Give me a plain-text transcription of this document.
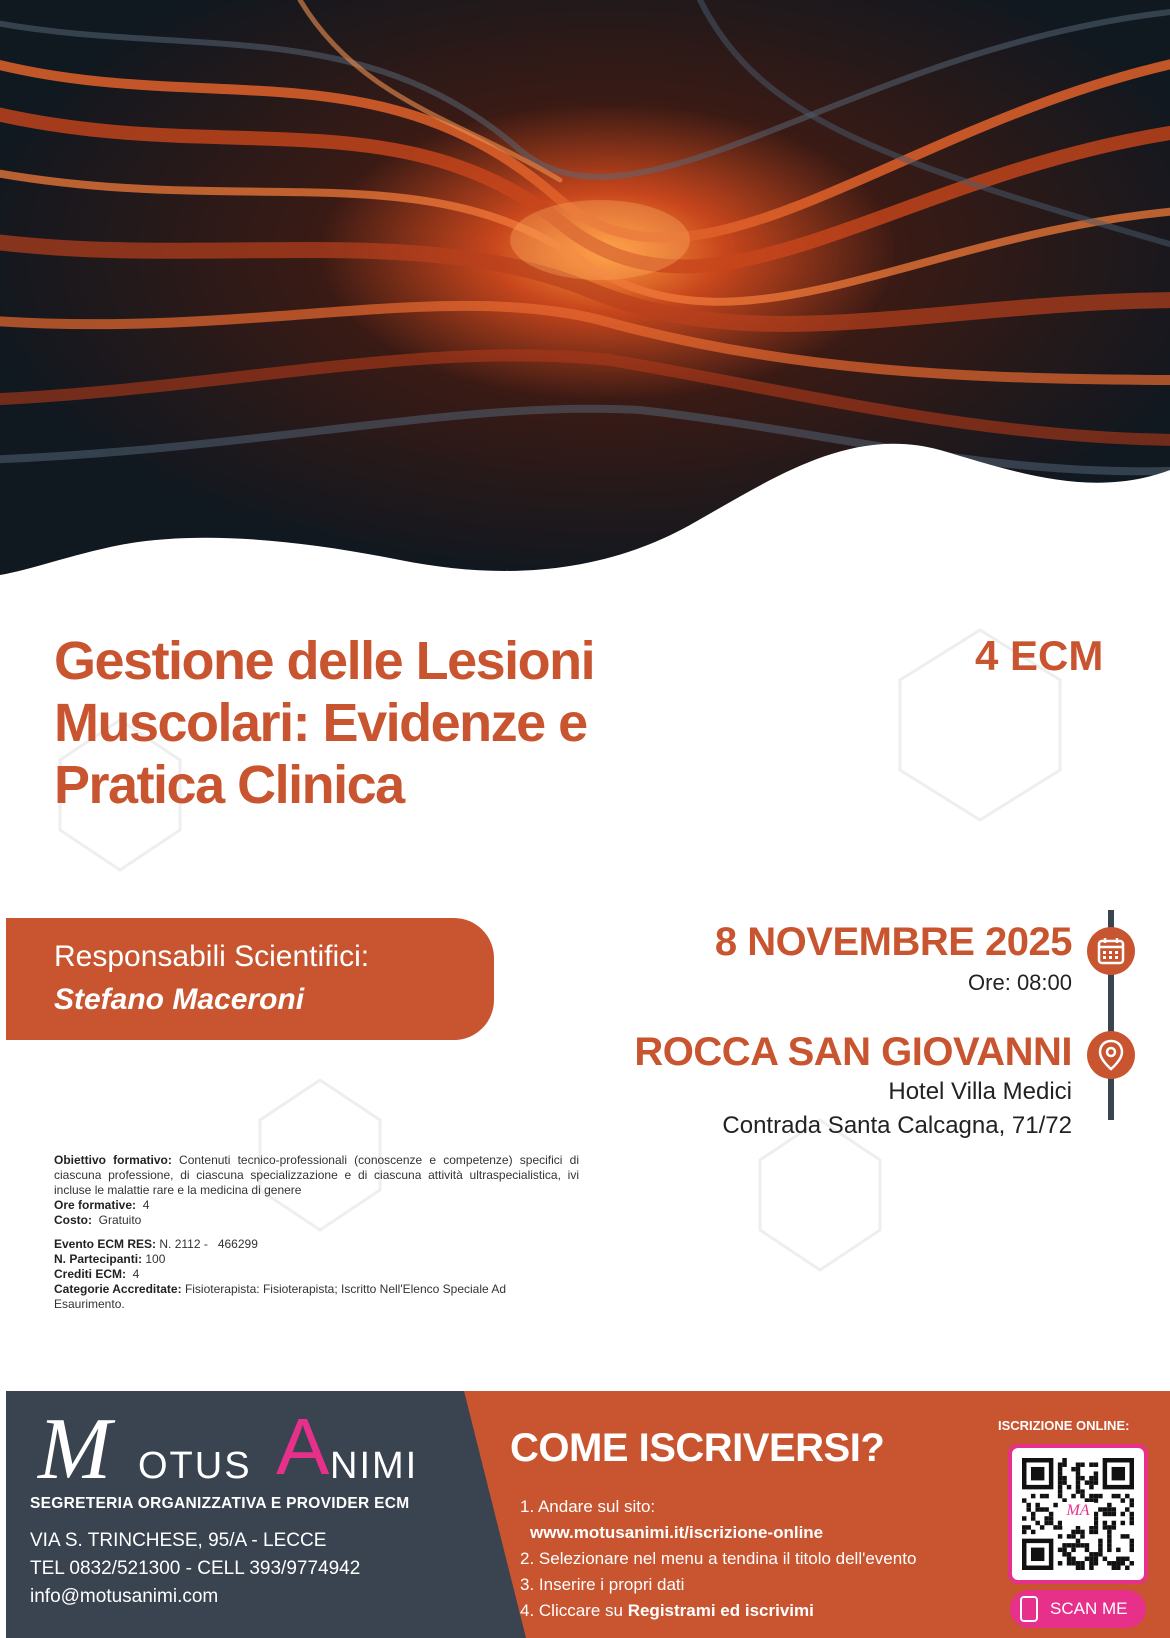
Gestione delle Lesioni
Muscolari: Evidenze e
Pratica Clinica
4 ECM
Responsabili Scientifici:
Stefano Maceroni
8 NOVEMBRE 2025
Ore: 08:00
ROCCA SAN GIOVANNI
Hotel Villa Medici
Contrada Santa Calcagna, 71/72

Obiettivo formativo: Contenuti tecnico-professionali (conoscenze e competenze) specifici di ciascuna professione, di ciascuna specializzazione e di ciascuna attività ultraspecialistica, ivi incluse le malattie rare e la medicina di genere

Ore formative: 4

Costo: Gratuito

Evento ECM RES: N. 2112 -   466299

N. Partecipanti: 100

Crediti ECM: 4

Categorie Accreditate: Fisioterapista: Fisioterapista; Iscritto Nell'Elenco Speciale Ad Esaurimento.

M OTUS A NIMI
SEGRETERIA ORGANIZZATIVA E PROVIDER ECM
VIA S. TRINCHESE, 95/A - LECCE
TEL 0832/521300 - CELL 393/9774942
info@motusanimi.com
COME ISCRIVERSI?
1. Andare sul sito:
www.motusanimi.it/iscrizione-online
2. Selezionare nel menu a tendina il titolo dell'evento
3. Inserire i propri dati
4. Cliccare su Registrami ed iscrivimi
ISCRIZIONE ONLINE:
MA
SCAN ME
